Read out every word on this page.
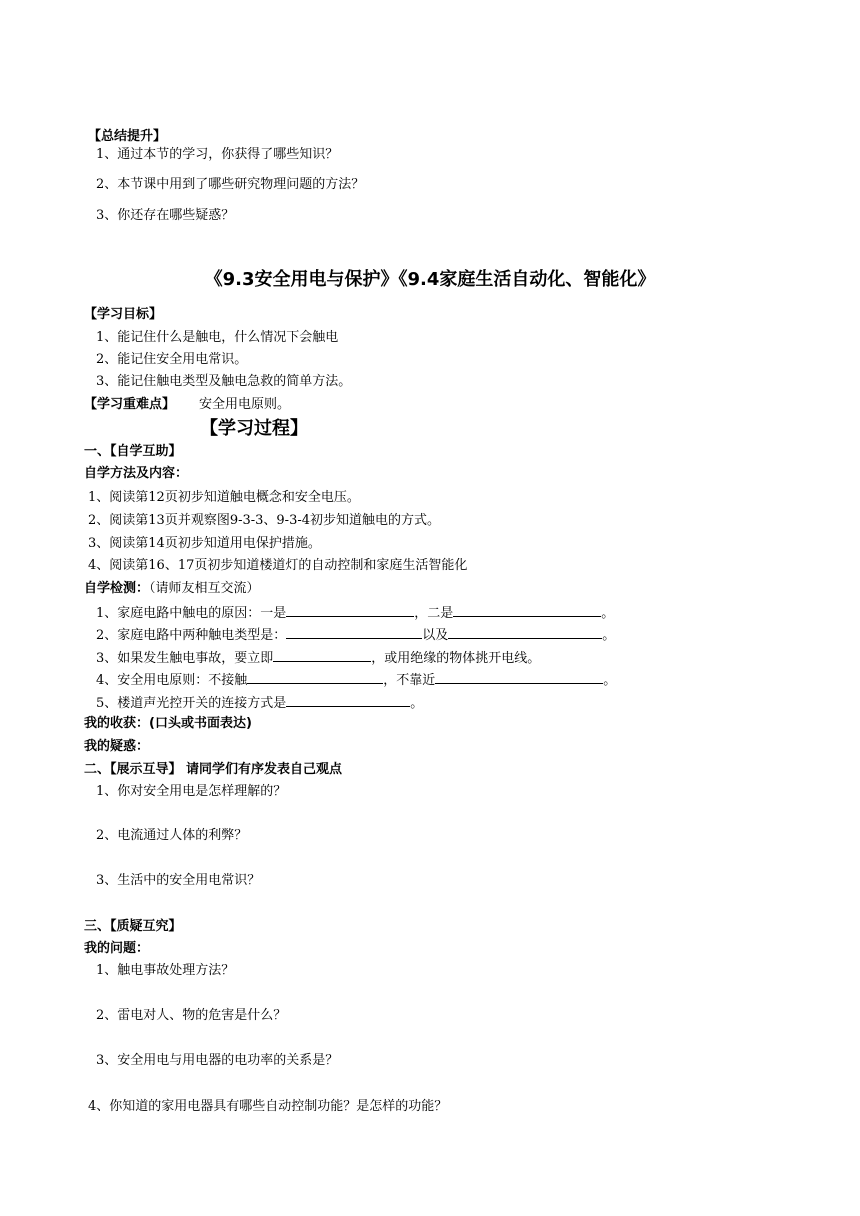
【总结提升】
1、通过本节的学习，你获得了哪些知识？
2、本节课中用到了哪些研究物理问题的方法？
3、你还存在哪些疑惑？
《9.3安全用电与保护》《9.4家庭生活自动化、智能化》
【学习目标】
1、能记住什么是触电，什么情况下会触电
2、能记住安全用电常识。
3、能记住触电类型及触电急救的简单方法。
【学习重难点】 安全用电原则。
【学习过程】
一、【自学互助】
自学方法及内容：
1、阅读第12页初步知道触电概念和安全电压。
2、阅读第13页并观察图9-3-3、9-3-4初步知道触电的方式。
3、阅读第14页初步知道用电保护措施。
4、阅读第16、17页初步知道楼道灯的自动控制和家庭生活智能化
自学检测：（请师友相互交流）
1、家庭电路中触电的原因：一是	，二是	。
2、家庭电路中两种触电类型是：	以及	。
3、如果发生触电事故，要立即	，或用绝缘的物体挑开电线。
4、安全用电原则：不接触	，不靠近	。
5、楼道声光控开关的连接方式是	。
我的收获：(口头或书面表达)
我的疑惑：
二、【展示互导】 请同学们有序发表自己观点
1、你对安全用电是怎样理解的？
2、电流通过人体的利弊？
3、生活中的安全用电常识？
三、【质疑互究】
我的问题：
1、触电事故处理方法？
2、雷电对人、物的危害是什么？
3、安全用电与用电器的电功率的关系是？
4、你知道的家用电器具有哪些自动控制功能？是怎样的功能？
